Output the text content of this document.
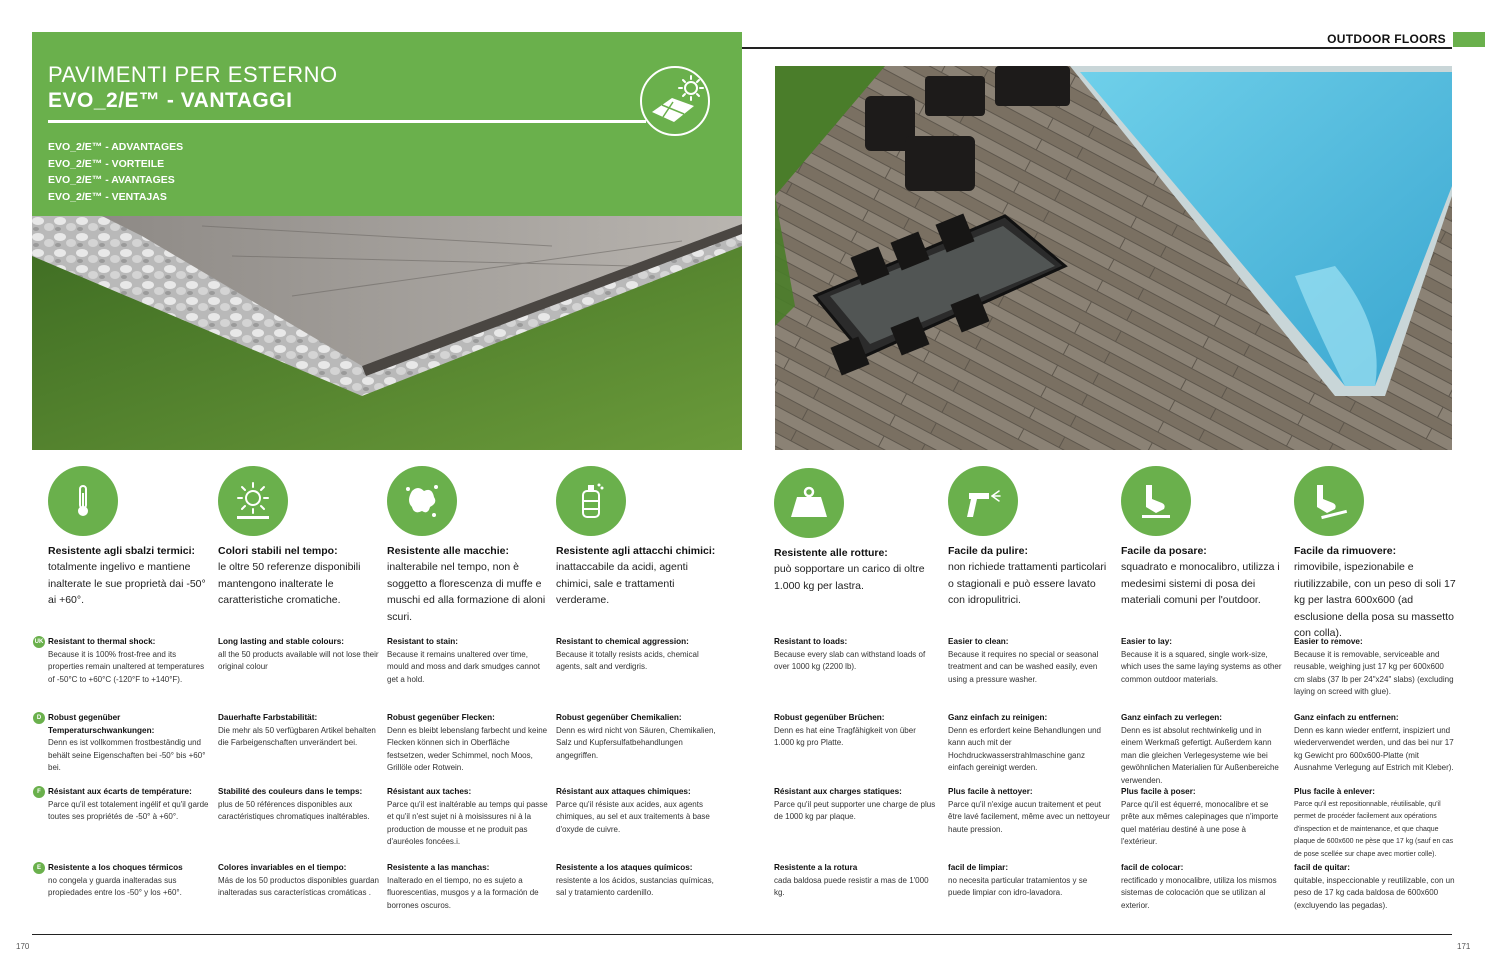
OUTDOOR FLOORS
PAVIMENTI PER ESTERNO
EVO_2/E™ - VANTAGGI
EVO_2/E™ - ADVANTAGES
EVO_2/E™ - VORTEILE
EVO_2/E™ - AVANTAGES
EVO_2/E™ - VENTAJAS
UK
D
F
E
Resistente agli sbalzi termici:
totalmente ingelivo e mantiene inalterate le sue proprietà dai -50° ai +60°.
Colori stabili nel tempo:
le oltre 50 referenze disponibili mantengono inalterate le caratteristiche cromatiche.
Resistente alle macchie:
inalterabile nel tempo, non è soggetto a florescenza di muffe e muschi ed alla formazione di aloni scuri.
Resistente agli attacchi chimici:
inattaccabile da acidi, agenti chimici, sale e trattamenti verderame.
Resistente alle rotture:
può sopportare un carico di oltre 1.000 kg per lastra.
Facile da pulire:
non richiede trattamenti particolari o stagionali e può essere lavato con idropulitrici.
Facile da posare:
squadrato e monocalibro, utilizza i medesimi sistemi di posa dei materiali comuni per l'outdoor.
Facile da rimuovere:
rimovibile, ispezionabile e riutilizzabile, con un peso di soli 17 kg per lastra 600x600 (ad esclusione della posa su massetto con colla).
Resistant to thermal shock:
Because it is 100% frost-free and its properties remain unaltered at temperatures of -50°C to +60°C (-120°F to +140°F).
Long lasting and stable colours:
all the 50 products available will not lose their original colour
Resistant to stain:
Because it remains unaltered over time, mould and moss and dark smudges cannot get a hold.
Resistant to chemical aggression:
Because it totally resists acids, chemical agents, salt and verdigris.
Resistant to loads:
Because every slab can withstand loads of over 1000 kg (2200 lb).
Easier to clean:
Because it requires no special or seasonal treatment and can be washed easily, even using a pressure washer.
Easier to lay:
Because it is a squared, single work-size, which uses the same laying systems as other common outdoor materials.
Easier to remove:
Because it is removable, serviceable and reusable, weighing just 17 kg per 600x600 cm slabs (37 lb per 24"x24" slabs) (excluding laying on screed with glue).
Robust gegenüber Temperaturschwankungen:
Denn es ist vollkommen frostbeständig und behält seine Eigenschaften bei -50° bis +60° bei.
Dauerhafte Farbstabilität:
Die mehr als 50 verfügbaren Artikel behalten die Farbeigenschaften unverändert bei.
Robust gegenüber Flecken:
Denn es bleibt lebenslang farbecht und keine Flecken können sich in Oberfläche festsetzen, weder Schimmel, noch Moos, Grillöle oder Rotwein.
Robust gegenüber Chemikalien:
Denn es wird nicht von Säuren, Chemikalien, Salz und Kupfersulfatbehandlungen angegriffen.
Robust gegenüber Brüchen:
Denn es hat eine Tragfähigkeit von über 1.000 kg pro Platte.
Ganz einfach zu reinigen:
Denn es erfordert keine Behandlungen und kann auch mit der Hochdruckwasserstrahlmaschine ganz einfach gereinigt werden.
Ganz einfach zu verlegen:
Denn es ist absolut rechtwinkelig und in einem Werkmaß gefertigt. Außerdem kann man die gleichen Verlegesysteme wie bei gewöhnlichen Materialien für Außenbereiche verwenden.
Ganz einfach zu entfernen:
Denn es kann wieder entfernt, inspiziert und wiederverwendet werden, und das bei nur 17 kg Gewicht pro 600x600-Platte (mit Ausnahme Verlegung auf Estrich mit Kleber).
Résistant aux écarts de température:
Parce qu'il est totalement ingélif et qu'il garde toutes ses propriétés de -50° à +60°.
Stabilité des couleurs dans le temps:
plus de 50 références disponibles aux caractéristiques chromatiques inaltérables.
Résistant aux taches:
Parce qu'il est inaltérable au temps qui passe et qu'il n'est sujet ni à moisissures ni à la production de mousse et ne produit pas d'auréoles foncées.i.
Résistant aux attaques chimiques:
Parce qu'il résiste aux acides, aux agents chimiques, au sel et aux traitements à base d'oxyde de cuivre.
Résistant aux charges statiques:
Parce qu'il peut supporter une charge de plus de 1000 kg par plaque.
Plus facile à nettoyer:
Parce qu'il n'exige aucun traitement et peut être lavé facilement, même avec un nettoyeur haute pression.
Plus facile à poser:
Parce qu'il est équerré, monocalibre et se prête aux mêmes calepinages que n'importe quel matériau destiné à une pose à l'extérieur.
Plus facile à enlever:
Parce qu'il est repositionnable, réutilisable, qu'il permet de procéder facilement aux opérations d'inspection et de maintenance, et que chaque plaque de 600x600 ne pèse que 17 kg (sauf en cas de pose scellée sur chape avec mortier colle).
Resistente a los choques térmicos
no congela y guarda inalteradas sus propiedades entre los -50° y los +60°.
Colores invariables en el tiempo:
Más de los 50 productos disponibles guardan inalteradas sus características cromáticas .
Resistente a las manchas:
Inalterado en el tiempo, no es sujeto a fluorescentias, musgos y a la formación de borrones oscuros.
Resistente a los ataques químicos:
resistente a los ácidos, sustancias químicas, sal y tratamiento cardenillo.
Resistente a la rotura
cada baldosa puede resistir a mas de 1'000 kg.
facil de limpiar:
no necesita particular tratamientos y se puede limpiar con idro-lavadora.
facil de colocar:
rectificado y monocalibre, utiliza los mismos sistemas de colocación que se utilizan al exterior.
facil de quitar:
quitable, inspeccionable y reutilizable, con un peso de 17 kg cada baldosa de 600x600 (excluyendo las pegadas).
170	171
